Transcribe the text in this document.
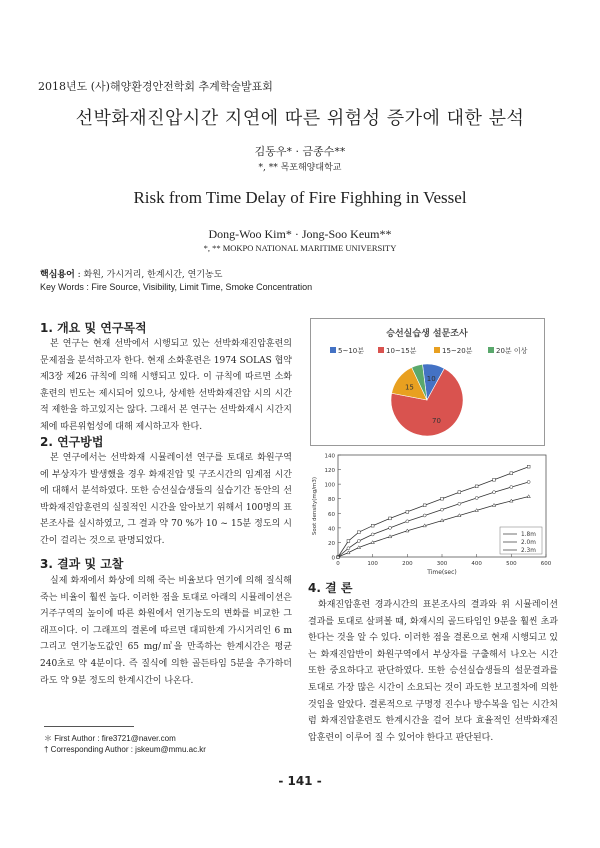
2018년도 (사)해양환경안전학회 추계학술발표회
선박화재진압시간 지연에 따른 위험성 증가에 대한 분석
김동우* · 금종수**
*, ** 목포해양대학교
Risk from Time Delay of Fire Fighhing in Vessel
Dong-Woo Kim* · Jong-Soo Keum**
*, ** MOKPO NATIONAL MARITIME UNIVERSITY
핵심용어 : 화원, 가시거리, 한계시간, 연기농도
Key Words : Fire Source, Visibility, Limit Time, Smoke Concentration
1. 개요 및 연구목적
본 연구는 현재 선박에서 시행되고 있는 선박화재진압훈련의 문제점을 분석하고자 한다. 현재 소화훈련은 1974 SOLAS 협약 제3장 제26 규칙에 의해 시행되고 있다. 이 규칙에 따르면 소화훈련의 빈도는 제시되어 있으나, 상세한 선박화재진압 시의 시간적 제한을 하고있지는 않다. 그래서 본 연구는 선박화재시 시간지체에 따른위험성에 대해 제시하고자 한다.
2. 연구방법
본 연구에서는 선박화재 시뮬레이션 연구를 토대로 화원구역에 부상자가 발생했을 경우 화재진압 및 구조시간의 임계점 시간에 대해서 분석하였다. 또한 승선실습생들의 실습기간 동안의 선박화재진압훈련의 실질적인 시간을 알아보기 위해서 100명의 표본조사를 실시하였고, 그 결과 약 70 %가 10 ~ 15분 정도의 시간이 걸리는 것으로 판명되었다.
3. 결과 및 고찰
실제 화재에서 화상에 의해 죽는 비율보다 연기에 의해 질식해 죽는 비율이 훨씬 높다. 이러한 점을 토대로 아래의 시뮬레이션은 거주구역의 높이에 따른 화원에서 연기농도의 변화를 비교한 그래프이다. 이 그래프의 결론에 따르면 대피한계 가시거리인 6 m 그리고 연기농도값인 65 mg/㎥을 만족하는 한계시간은 평균 240초로 약 4분이다. 즉 질식에 의한 골든타임 5분을 추가하더라도 약 9분 정도의 한계시간이 나온다.
4. 결 론
화재진압훈련 경과시간의 표본조사의 결과와 위 시뮬레이션 결과를 토대로 살펴볼 때, 화재시의 골드타임인 9분을 훨씬 초과한다는 것을 알 수 있다. 이러한 점을 결론으로 현재 시행되고 있는 화재진압반이 화원구역에서 부상자를 구출해서 나오는 시간 또한 중요하다고 판단하였다. 또한 승선실습생들의 설문결과를 토대로 가장 많은 시간이 소요되는 것이 과도한 보고절차에 의한 것임을 알았다. 결론적으로 구명정 진수나 방수복을 입는 시간처럼 화재진압훈련도 한계시간을 걸어 보다 효율적인 선박화재진압훈련이 이루어 질 수 있어야 한다고 판단된다.
승선실습생 설문조사
5~10분	10~15분	15~20분	20분 이상
10
70
15
0
20
40
60
80
100
120
140
0	100	200	300	400	500	600
Time(sec)
Soot density(mg/m3)
1.8m
2.0m
2.3m
＊ First Author : fire3721@naver.com
† Corresponding Author : jskeum@mmu.ac.kr
- 141 -
